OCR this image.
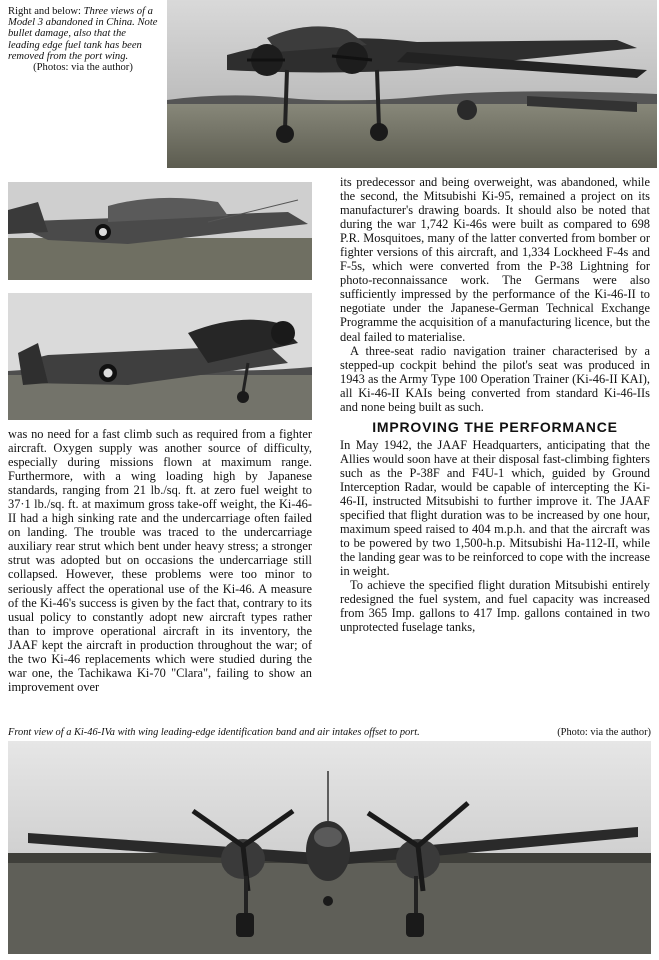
Right and below: Three views of a Model 3 abandoned in China. Note bullet damage, also that the leading edge fuel tank has been removed from the port wing.
(Photos: via the author)

was no need for a fast climb such as required from a fighter aircraft. Oxygen supply was another source of difficulty, especially during missions flown at maximum range. Furthermore, with a wing loading high by Japanese standards, ranging from 21 lb./sq. ft. at zero fuel weight to 37·1 lb./sq. ft. at maximum gross take-off weight, the Ki-46-II had a high sinking rate and the undercarriage often failed on landing. The trouble was traced to the undercarriage auxiliary rear strut which bent under heavy stress; a stronger strut was adopted but on occasions the undercarriage still collapsed. However, these problems were too minor to seriously affect the operational use of the Ki-46. A measure of the Ki-46's success is given by the fact that, contrary to its usual policy to constantly adopt new aircraft types rather than to improve operational aircraft in its inventory, the JAAF kept the aircraft in production throughout the war; of the two Ki-46 replacements which were studied during the war one, the Tachikawa Ki-70 "Clara", failing to show an improvement over

its predecessor and being overweight, was abandoned, while the second, the Mitsubishi Ki-95, remained a project on its manufacturer's drawing boards. It should also be noted that during the war 1,742 Ki-46s were built as compared to 698 P.R. Mosquitoes, many of the latter converted from bomber or fighter versions of this aircraft, and 1,334 Lockheed F-4s and F-5s, which were converted from the P-38 Lightning for photo-reconnaissance work. The Germans were also sufficiently impressed by the performance of the Ki-46-II to negotiate under the Japanese-German Technical Exchange Programme the acquisition of a manufacturing licence, but the deal failed to materialise.

A three-seat radio navigation trainer characterised by a stepped-up cockpit behind the pilot's seat was produced in 1943 as the Army Type 100 Operation Trainer (Ki-46-II KAI), all Ki-46-II KAIs being converted from standard Ki-46-IIs and none being built as such.

IMPROVING THE PERFORMANCE

In May 1942, the JAAF Headquarters, anticipating that the Allies would soon have at their disposal fast-climbing fighters such as the P-38F and F4U-1 which, guided by Ground Interception Radar, would be capable of intercepting the Ki-46-II, instructed Mitsubishi to further improve it. The JAAF specified that flight duration was to be increased by one hour, maximum speed raised to 404 m.p.h. and that the aircraft was to be powered by two 1,500-h.p. Mitsubishi Ha-112-II, while the landing gear was to be reinforced to cope with the increase in weight.

To achieve the specified flight duration Mitsubishi entirely redesigned the fuel system, and fuel capacity was increased from 365 Imp. gallons to 417 Imp. gallons contained in two unprotected fuselage tanks,

Front view of a Ki-46-IVa with wing leading-edge identification band and air intakes offset to port.	(Photo: via the author)
